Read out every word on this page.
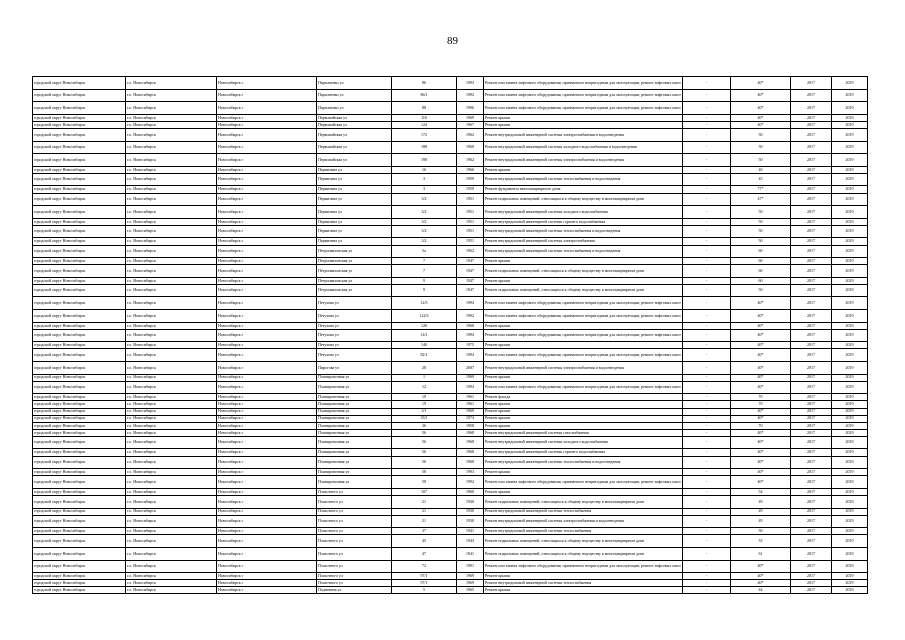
89
городской округ Новосибирск	г.о. Новосибирск	Новосибирск г	Пархоменко ул	86	1993	Ремонт или замена лифтового оборудования, признанного непригодным для эксплуатации, ремонт лифтовых шахт	-	40*	2017	2019
городской округ Новосибирск	г.о. Новосибирск	Новосибирск г	Пархоменко ул	86/1	1992	Ремонт или замена лифтового оборудования, признанного непригодным для эксплуатации, ремонт лифтовых шахт	-	40*	2017	2019
городской округ Новосибирск	г.о. Новосибирск	Новосибирск г	Пархоменко ул	88	1996	Ремонт или замена лифтового оборудования, признанного непригодным для эксплуатации, ремонт лифтовых шахт	-	40*	2017	2019
городской округ Новосибирск	г.о. Новосибирск	Новосибирск г	Первомайская ул	116	1969	Ремонт крыши	-	40*	2017	2019
городской округ Новосибирск	г.о. Новосибирск	Новосибирск г	Первомайская ул	124	1967	Ремонт крыши	-	40*	2017	2019
городской округ Новосибирск	г.о. Новосибирск	Новосибирск г	Первомайская ул	172	1962	Ремонт внутридомовой инженерной системы электроснабжения и водоотведения	-	50	2017	2019
городской округ Новосибирск	г.о. Новосибирск	Новосибирск г	Первомайская ул	188	1960	Ремонт внутридомовой инженерной системы холодного водоснабжения и водоотведения	-	50	2017	2019
городской округ Новосибирск	г.о. Новосибирск	Новосибирск г	Первомайская ул	198	1962	Ремонт внутридомовой инженерной системы электроснабжения и водоотведения	-	50	2017	2019
городской округ Новосибирск	г.о. Новосибирск	Новосибирск г	Пермитина ул	16	1966	Ремонт крыши	-	40	2017	2019
городской округ Новосибирск	г.о. Новосибирск	Новосибирск г	Пермитина ул	3	1959	Ремонт внутридомовой инженерной системы теплоснабжения и водоотведения	-	45	2017	2019
городской округ Новосибирск	г.о. Новосибирск	Новосибирск г	Пермитина ул	3	1959	Ремонт фундамента многоквартирного дома	-	77*	2017	2019
городской округ Новосибирск	г.о. Новосибирск	Новосибирск г	Пермитина ул	3/2	1951	Ремонт подвальных помещений, относящихся к общему имуществу в многоквартирном доме	-	47*	2017	2019
городской округ Новосибирск	г.о. Новосибирск	Новосибирск г	Пермитина ул	3/2	1951	Ремонт внутридомовой инженерной системы холодного водоснабжения	-	50	2017	2019
городской округ Новосибирск	г.о. Новосибирск	Новосибирск г	Пермитина ул	3/2	1951	Ремонт внутридомовой инженерной системы горячего водоснабжения	-	50	2017	2019
городской округ Новосибирск	г.о. Новосибирск	Новосибирск г	Пермитина ул	3/2	1951	Ремонт внутридомовой инженерной системы теплоснабжения и водоотведения	-	50	2017	2019
городской округ Новосибирск	г.о. Новосибирск	Новосибирск г	Пермитина ул	3/2	1951	Ремонт внутридомовой инженерной системы электроснабжения	-	50	2017	2019
городской округ Новосибирск	г.о. Новосибирск	Новосибирск г	Петропавловская ул	5а	1962	Ремонт внутридомовой инженерной системы теплоснабжения и водоотведения	-	60	2017	2019
городской округ Новосибирск	г.о. Новосибирск	Новосибирск г	Петропавловская ул	7	1947	Ремонт крыши	-	60	2017	2019
городской округ Новосибирск	г.о. Новосибирск	Новосибирск г	Петропавловская ул	7	1947	Ремонт подвальных помещений, относящихся к общему имуществу в многоквартирном доме	-	60	2017	2019
городской округ Новосибирск	г.о. Новосибирск	Новосибирск г	Петропавловская ул	9	1947	Ремонт крыши	-	60	2017	2019
городской округ Новосибирск	г.о. Новосибирск	Новосибирск г	Петропавловская ул	9	1947	Ремонт подвальных помещений, относящихся к общему имуществу в многоквартирном доме	-	50	2017	2019
городской округ Новосибирск	г.о. Новосибирск	Новосибирск г	Петухова ул	12/3	1994	Ремонт или замена лифтового оборудования, признанного непригодным для эксплуатации, ремонт лифтовых шахт	-	40*	2017	2019
городской округ Новосибирск	г.о. Новосибирск	Новосибирск г	Петухова ул	122/3	1992	Ремонт или замена лифтового оборудования, признанного непригодным для эксплуатации, ремонт лифтовых шахт	-	40*	2017	2019
городской округ Новосибирск	г.о. Новосибирск	Новосибирск г	Петухова ул	126	1968	Ремонт крыши	-	40*	2017	2019
городской округ Новосибирск	г.о. Новосибирск	Новосибирск г	Петухова ул	14/1	1994	Ремонт или замена лифтового оборудования, признанного непригодным для эксплуатации, ремонт лифтовых шахт	-	40*	2017	2019
городской округ Новосибирск	г.о. Новосибирск	Новосибирск г	Петухова ул	140	1975	Ремонт крыши	-	40*	2017	2019
городской округ Новосибирск	г.о. Новосибирск	Новосибирск г	Петухова ул	82/1	1994	Ремонт или замена лифтового оборудования, признанного непригодным для эксплуатации, ремонт лифтовых шахт	-	40*	2017	2019
городской округ Новосибирск	г.о. Новосибирск	Новосибирск г	Пирогова ул	28	2007	Ремонт внутридомовой инженерной системы электроснабжения и водоотведения	-	40*	2017	2019
городской округ Новосибирск	г.о. Новосибирск	Новосибирск г	Планировочная ул	1	1969	Ремонт крыши	-	40*	2017	2019
городской округ Новосибирск	г.о. Новосибирск	Новосибирск г	Планировочная ул	12	1994	Ремонт или замена лифтового оборудования, признанного непригодным для эксплуатации, ремонт лифтовых шахт	-	40*	2017	2019
городской округ Новосибирск	г.о. Новосибирск	Новосибирск г	Планировочная ул	19	1961	Ремонт фасада	-	70	2017	2019
городской округ Новосибирск	г.о. Новосибирск	Новосибирск г	Планировочная ул	19	1961	Ремонт крыши	-	70	2017	2019
городской округ Новосибирск	г.о. Новосибирск	Новосибирск г	Планировочная ул	3/1	1969	Ремонт крыши	-	40*	2017	2019
городской округ Новосибирск	г.о. Новосибирск	Новосибирск г	Планировочная ул	33/1	1974	Ремонт крыши	-	40*	2017	2019
городской округ Новосибирск	г.о. Новосибирск	Новосибирск г	Планировочная ул	36	1958	Ремонт крыши	-	70	2017	2019
городской округ Новосибирск	г.о. Новосибирск	Новосибирск г	Планировочная ул	56	1968	Ремонт внутридомовой инженерной системы газоснабжения	-	40*	2017	2019
городской округ Новосибирск	г.о. Новосибирск	Новосибирск г	Планировочная ул	56	1968	Ремонт внутридомовой инженерной системы холодного водоснабжения	-	40*	2017	2019
городской округ Новосибирск	г.о. Новосибирск	Новосибирск г	Планировочная ул	56	1968	Ремонт внутридомовой инженерной системы горячего водоснабжения	-	40*	2017	2019
городской округ Новосибирск	г.о. Новосибирск	Новосибирск г	Планировочная ул	56	1968	Ремонт внутридомовой инженерной системы теплоснабжения и водоотведения	-	40*	2017	2019
городской округ Новосибирск	г.о. Новосибирск	Новосибирск г	Планировочная ул	58	1993	Ремонт крыши	-	40*	2017	2019
городской округ Новосибирск	г.о. Новосибирск	Новосибирск г	Планировочная ул	58	1992	Ремонт или замена лифтового оборудования, признанного непригодным для эксплуатации, ремонт лифтовых шахт	-	40*	2017	2019
городской округ Новосибирск	г.о. Новосибирск	Новосибирск г	Плахотного ул	107	1960	Ремонт крыши	-	54	2017	2019
городской округ Новосибирск	г.о. Новосибирск	Новосибирск г	Плахотного ул	21	1930	Ремонт подвальных помещений, относящихся к общему имуществу в многоквартирном доме	-	49	2017	2019
городской округ Новосибирск	г.о. Новосибирск	Новосибирск г	Плахотного ул	21	1930	Ремонт внутридомовой инженерной системы теплоснабжения	-	49	2017	2019
городской округ Новосибирск	г.о. Новосибирск	Новосибирск г	Плахотного ул	21	1930	Ремонт внутридомовой инженерной системы электроснабжения и водоотведения	-	49	2017	2019
городской округ Новосибирск	г.о. Новосибирск	Новосибирск г	Плахотного ул	37	1941	Ремонт внутридомовой инженерной системы теплоснабжения	-	50	2017	2019
городской округ Новосибирск	г.о. Новосибирск	Новосибирск г	Плахотного ул	45	1943	Ремонт подвальных помещений, относящихся к общему имуществу в многоквартирном доме	-	53	2017	2019
городской округ Новосибирск	г.о. Новосибирск	Новосибирск г	Плахотного ул	47	1941	Ремонт подвальных помещений, относящихся к общему имуществу в многоквартирном доме	-	61	2017	2019
городской округ Новосибирск	г.о. Новосибирск	Новосибирск г	Плахотного ул	72	1991	Ремонт или замена лифтового оборудования, признанного непригодным для эксплуатации, ремонт лифтовых шахт	-	40*	2017	2019
городской округ Новосибирск	г.о. Новосибирск	Новосибирск г	Плахотного ул	97/1	1969	Ремонт крыши	-	40*	2017	2019
городской округ Новосибирск	г.о. Новосибирск	Новосибирск г	Плахотного ул	97/1	1969	Ремонт внутридомовой инженерной системы теплоснабжения	-	40*	2017	2019
городской округ Новосибирск	г.о. Новосибирск	Новосибирск г	Подневича ул	5	1965	Ремонт крыши	-	44	2017	2019
